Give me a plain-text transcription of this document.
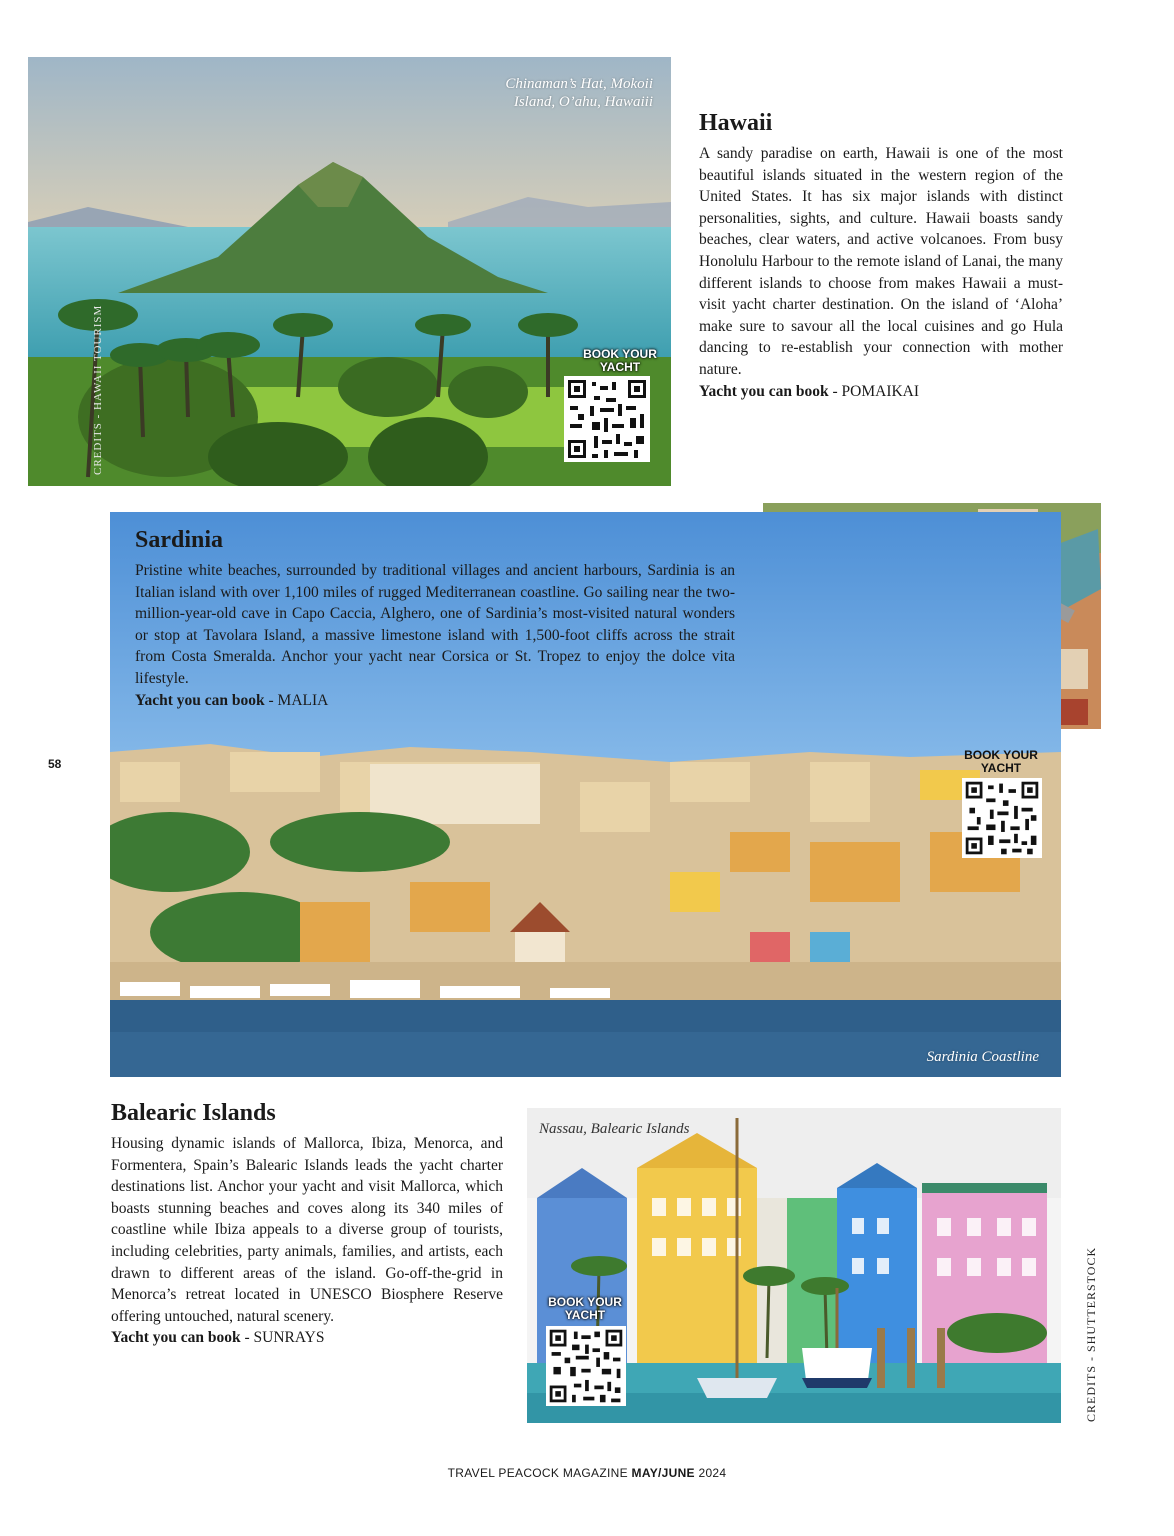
Chinaman’s Hat, Mokoii
Island, O’ahu, Hawaiii
CREDITS - HAWAII TOURISM	BOOK YOUR
YACHT
Hawaii

A sandy paradise on earth, Hawaii is one of the most beautiful islands situated in the western region of the United States. It has six major islands with distinct personalities, sights, and culture. Hawaii boasts sandy beaches, clear waters, and active volcanoes. From busy Honolulu Harbour to the remote island of Lanai, the many different islands to choose from makes Hawaii a must-visit yacht charter destination. On the island of ‘Aloha’ make sure to savour all the local cuisines and go Hula dancing to re-establish your connection with mother nature.

Yacht you can book - POMAIKAI
Sardinia Coastline
BOOK YOUR
YACHT
Sardinia

Pristine white beaches, surrounded by traditional villages and ancient harbours, Sardinia is an Italian island with over 1,100 miles of rugged Mediterranean coastline. Go sailing near the two-million-year-old cave in Capo Caccia, Alghero, one of Sardinia’s most-visited natural wonders or stop at Tavolara Island, a massive limestone island with 1,500-foot cliffs across the strait from Costa Smeralda. Anchor your yacht near Corsica or St. Tropez to enjoy the dolce vita lifestyle.

Yacht you can book - MALIA
58
Balearic Islands

Housing dynamic islands of Mallorca, Ibiza, Menorca, and Formentera, Spain’s Balearic Islands leads the yacht charter destinations list. Anchor your yacht and visit Mallorca, which boasts stunning beaches and coves along its 340 miles of coastline while Ibiza appeals to a diverse group of tourists, including celebrities, party animals, families, and artists, each drawn to different areas of the island. Go-off-the-grid in Menorca’s retreat located in UNESCO Biosphere Reserve offering untouched, natural scenery.

Yacht you can book - SUNRAYS
Nassau, Balearic Islands
BOOK YOUR
YACHT	CREDITS - SHUTTERSTOCK
TRAVEL PEACOCK MAGAZINE MAY/JUNE 2024
